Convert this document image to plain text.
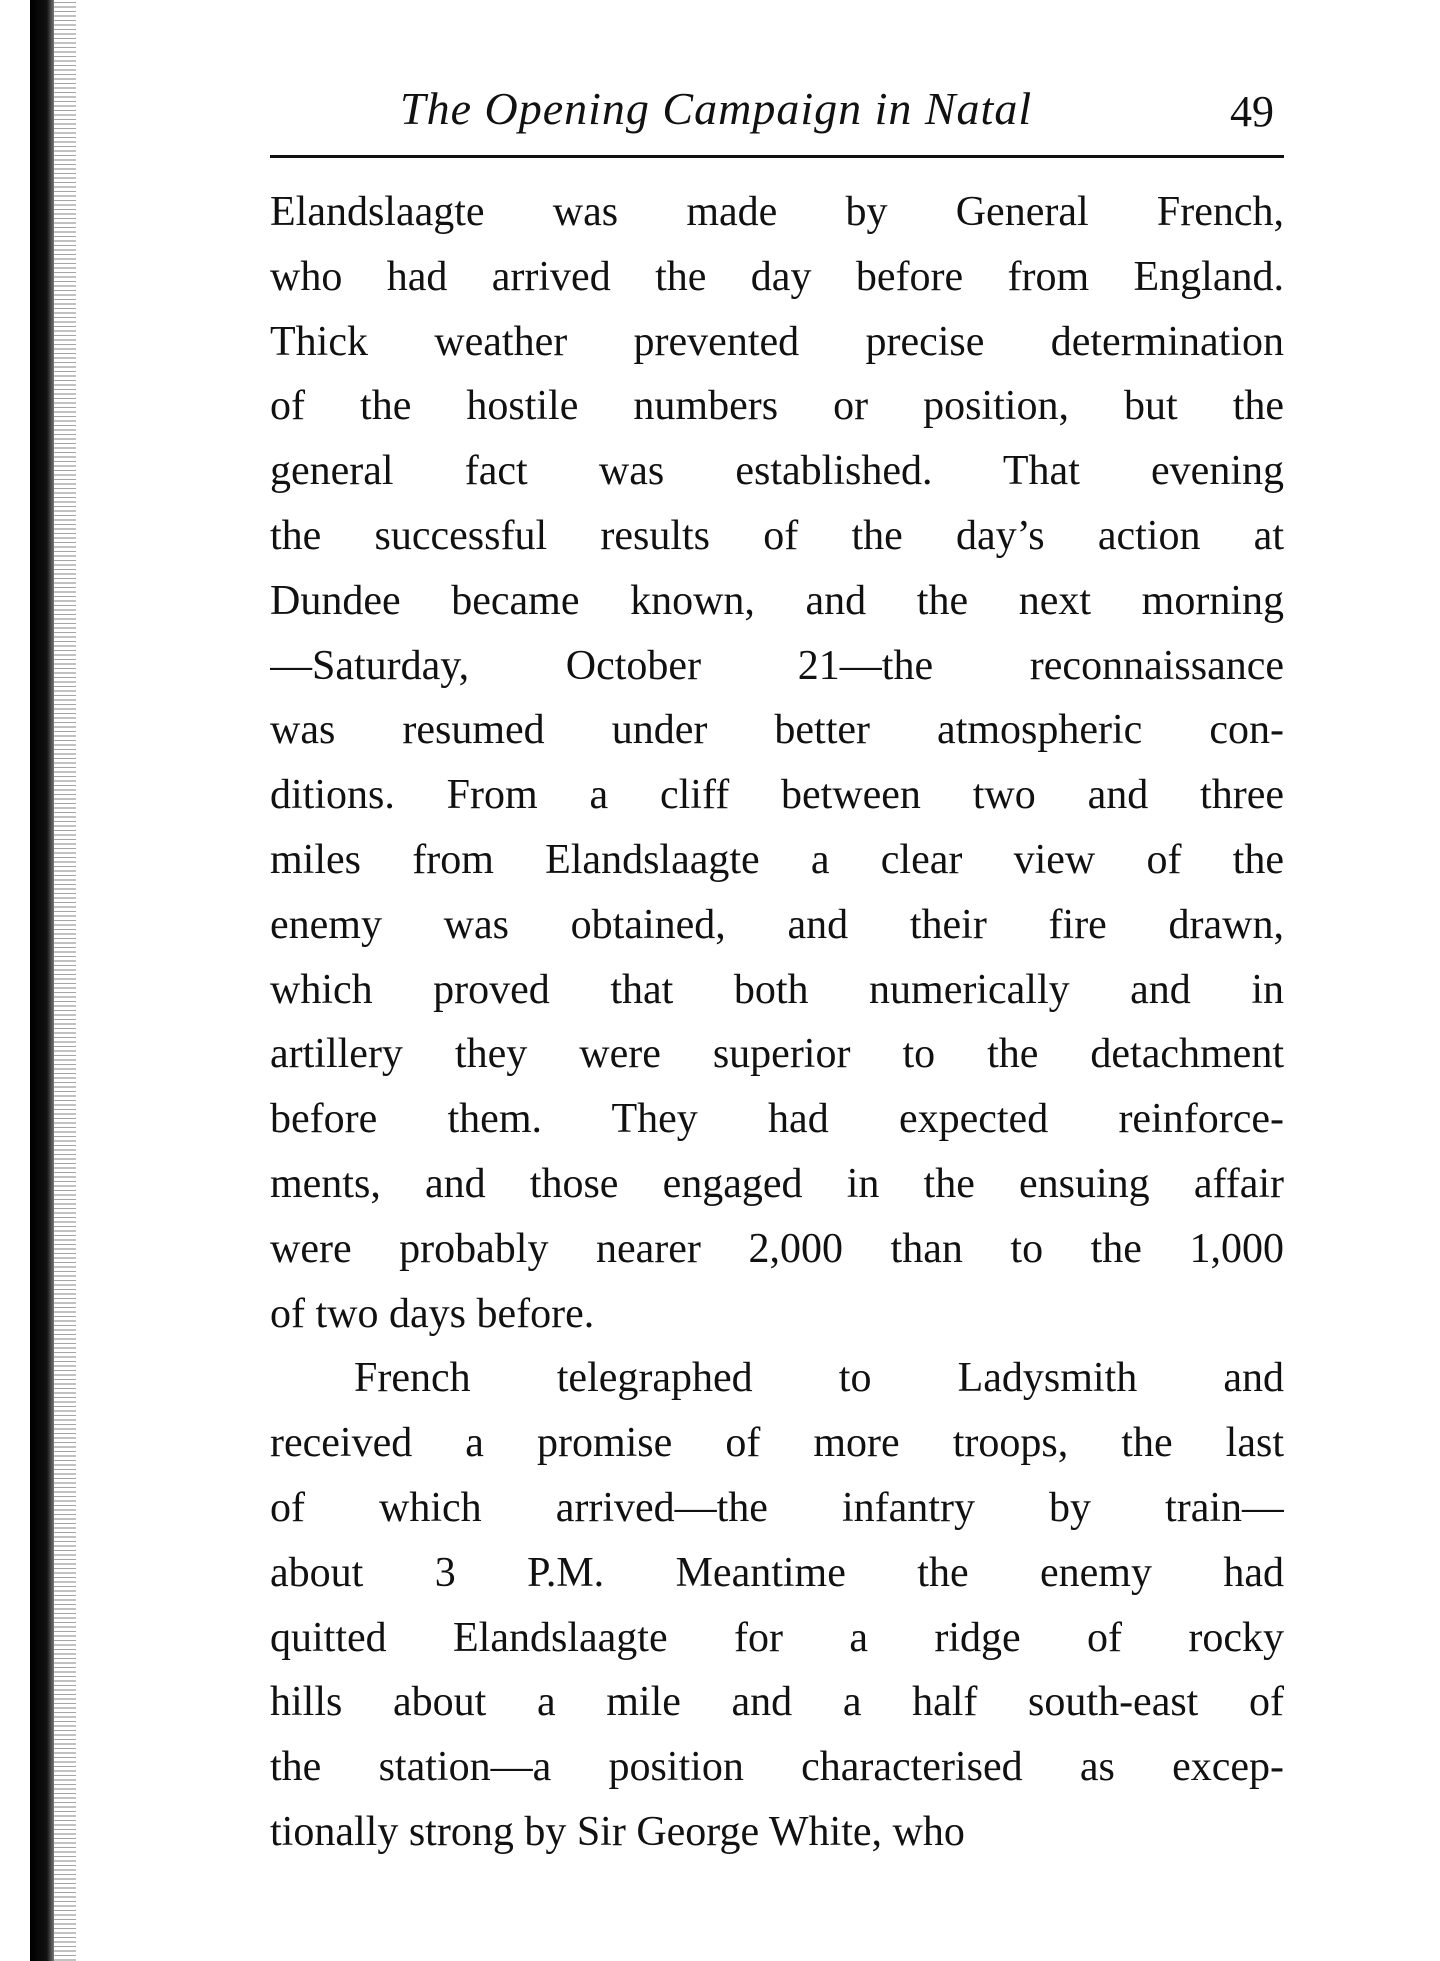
The Opening Campaign in Natal	49
Elandslaagte was made by General French,
who had arrived the day before from England.
Thick weather prevented precise determination
of the hostile numbers or position, but the
general fact was established. That evening
the successful results of the day’s action at
Dundee became known, and the next morning
—Saturday, October 21—the reconnaissance
was resumed under better atmospheric con-
ditions. From a cliff between two and three
miles from Elandslaagte a clear view of the
enemy was obtained, and their fire drawn,
which proved that both numerically and in
artillery they were superior to the detachment
before them. They had expected reinforce-
ments, and those engaged in the ensuing affair
were probably nearer 2,000 than to the 1,000
of two days before.
French telegraphed to Ladysmith and
received a promise of more troops, the last
of which arrived—the infantry by train—
about 3 P.M. Meantime the enemy had
quitted Elandslaagte for a ridge of rocky
hills about a mile and a half south-east of
the station—a position characterised as excep-
tionally strong by Sir George White, who
